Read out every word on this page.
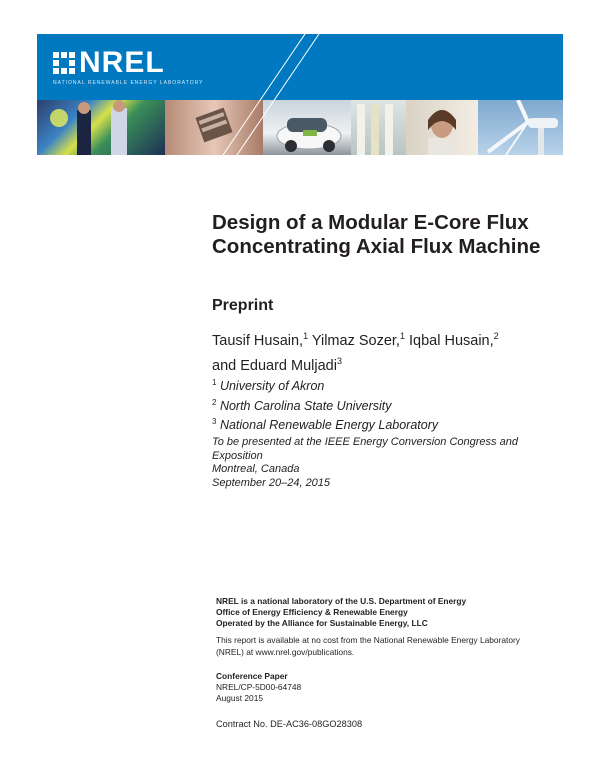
NREL
NATIONAL RENEWABLE ENERGY LABORATORY
Design of a Modular E-Core Flux Concentrating Axial Flux Machine
Preprint
Tausif Husain,$^1$ Yilmaz Sozer,$^1$ Iqbal Husain,$^2$
and Eduard Muljadi$^3$
$^1$ University of Akron
$^2$ North Carolina State University
$^3$ National Renewable Energy Laboratory
To be presented at the IEEE Energy Conversion Congress and Exposition
Montreal, Canada
September 20–24, 2015
NREL is a national laboratory of the U.S. Department of Energy
Office of Energy Efficiency & Renewable Energy
Operated by the Alliance for Sustainable Energy, LLC
This report is available at no cost from the National Renewable Energy Laboratory (NREL) at www.nrel.gov/publications.
Conference Paper
NREL/CP-5D00-64748
August 2015
Contract No. DE-AC36-08GO28308
